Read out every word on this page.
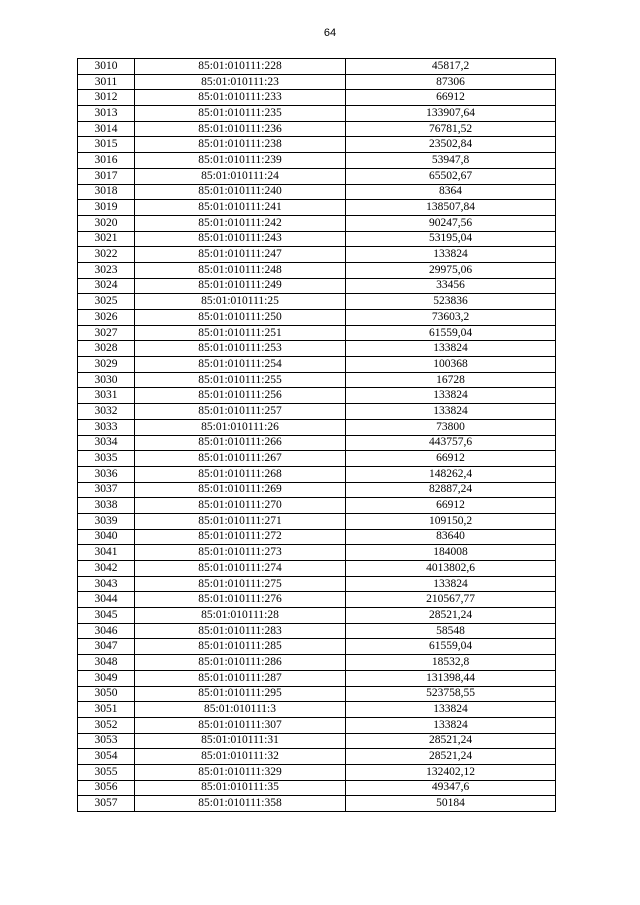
64
3010	85:01:010111:228	45817,2
3011	85:01:010111:23	87306
3012	85:01:010111:233	66912
3013	85:01:010111:235	133907,64
3014	85:01:010111:236	76781,52
3015	85:01:010111:238	23502,84
3016	85:01:010111:239	53947,8
3017	85:01:010111:24	65502,67
3018	85:01:010111:240	8364
3019	85:01:010111:241	138507,84
3020	85:01:010111:242	90247,56
3021	85:01:010111:243	53195,04
3022	85:01:010111:247	133824
3023	85:01:010111:248	29975,06
3024	85:01:010111:249	33456
3025	85:01:010111:25	523836
3026	85:01:010111:250	73603,2
3027	85:01:010111:251	61559,04
3028	85:01:010111:253	133824
3029	85:01:010111:254	100368
3030	85:01:010111:255	16728
3031	85:01:010111:256	133824
3032	85:01:010111:257	133824
3033	85:01:010111:26	73800
3034	85:01:010111:266	443757,6
3035	85:01:010111:267	66912
3036	85:01:010111:268	148262,4
3037	85:01:010111:269	82887,24
3038	85:01:010111:270	66912
3039	85:01:010111:271	109150,2
3040	85:01:010111:272	83640
3041	85:01:010111:273	184008
3042	85:01:010111:274	4013802,6
3043	85:01:010111:275	133824
3044	85:01:010111:276	210567,77
3045	85:01:010111:28	28521,24
3046	85:01:010111:283	58548
3047	85:01:010111:285	61559,04
3048	85:01:010111:286	18532,8
3049	85:01:010111:287	131398,44
3050	85:01:010111:295	523758,55
3051	85:01:010111:3	133824
3052	85:01:010111:307	133824
3053	85:01:010111:31	28521,24
3054	85:01:010111:32	28521,24
3055	85:01:010111:329	132402,12
3056	85:01:010111:35	49347,6
3057	85:01:010111:358	50184
